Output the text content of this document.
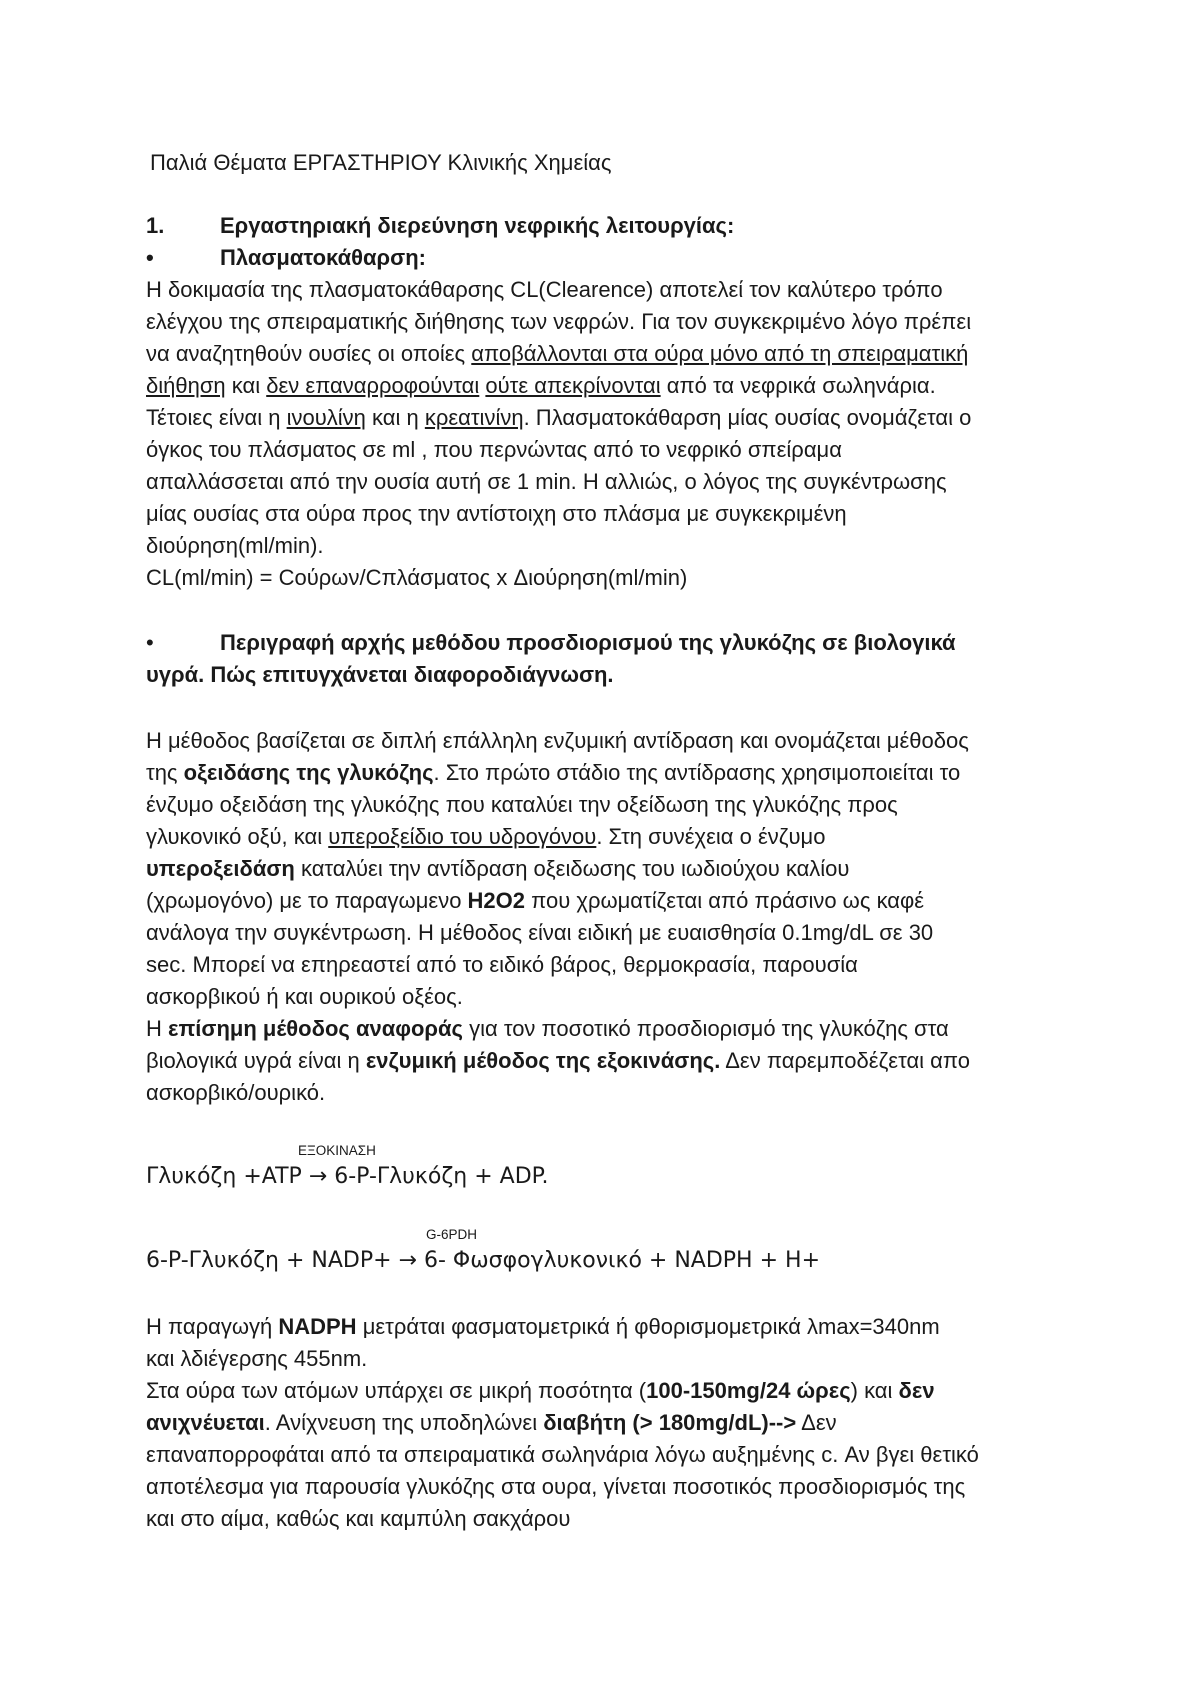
Παλιά Θέματα ΕΡΓΑΣΤΗΡΙΟΥ Κλινικής Χημείας
1.	Εργαστηριακή διερεύνηση νεφρικής λειτουργίας:
•	Πλασματοκάθαρση:
Η δοκιμασία της πλασματοκάθαρσης CL(Clearence) αποτελεί τον καλύτερο τρόπο
ελέγχου της σπειραματικής διήθησης των νεφρών. Για τον συγκεκριμένο λόγο πρέπει
να αναζητηθούν ουσίες οι οποίες αποβάλλονται στα ούρα μόνο από τη σπειραματική
διήθηση και δεν επαναρροφούνται ούτε απεκρίνονται από τα νεφρικά σωληνάρια.
Τέτοιες είναι η ινουλίνη και η κρεατινίνη. Πλασματοκάθαρση μίας ουσίας ονομάζεται ο
όγκος του πλάσματος σε ml , που περνώντας από το νεφρικό σπείραμα
απαλλάσσεται από την ουσία αυτή σε 1 min. Η αλλιώς, ο λόγος της συγκέντρωσης
μίας ουσίας στα ούρα προς την αντίστοιχη στο πλάσμα με συγκεκριμένη
διούρηση(ml/min).
CL(ml/min) = Cούρων/Cπλάσματος x Διούρηση(ml/min)
•	Περιγραφή αρχής μεθόδου προσδιορισμού της γλυκόζης σε βιολογικά
υγρά. Πώς επιτυγχάνεται διαφοροδιάγνωση.
Η μέθοδος βασίζεται σε διπλή επάλληλη ενζυμική αντίδραση και ονομάζεται μέθοδος
της οξειδάσης της γλυκόζης. Στο πρώτο στάδιο της αντίδρασης χρησιμοποιείται το
ένζυμο οξειδάση της γλυκόζης που καταλύει την οξείδωση της γλυκόζης προς
γλυκονικό οξύ, και υπεροξείδιο του υδρογόνου. Στη συνέχεια ο ένζυμο
υπεροξειδάση καταλύει την αντίδραση οξειδωσης του ιωδιούχου καλίου
(χρωμογόνο) με το παραγωμενο H2O2 που χρωματίζεται από πράσινο ως καφέ
ανάλογα την συγκέντρωση. Η μέθοδος είναι ειδική με ευαισθησία 0.1mg/dL σε 30
sec. Μπορεί να επηρεαστεί από το ειδικό βάρος, θερμοκρασία, παρουσία
ασκορβικού ή και ουρικού οξέος.
Η επίσημη μέθοδος αναφοράς για τον ποσοτικό προσδιορισμό της γλυκόζης στα
βιολογικά υγρά είναι η ενζυμική μέθοδος της εξοκινάσης. Δεν παρεμποδέζεται απο
ασκορβικό/ουρικό.
ΕΞΟΚΙΝΑΣΗ
Γλυκόζη +ATP → 6-P-Γλυκόζη + ADP.
G-6PDH
6-P-Γλυκόζη + NADP+ → 6- Φωσφογλυκονικό + NADPH + H+
Η παραγωγή NADPH μετράται φασματομετρικά ή φθορισμομετρικά λmax=340nm
και λδιέγερσης 455nm.
Στα ούρα των ατόμων υπάρχει σε μικρή ποσότητα (100-150mg/24 ώρες) και δεν
ανιχνέυεται. Ανίχνευση της υποδηλώνει διαβήτη (> 180mg/dL)--> Δεν
επαναπορροφάται από τα σπειραματικά σωληνάρια λόγω αυξημένης c. Αν βγει θετικό
αποτέλεσμα για παρουσία γλυκόζης στα ουρα, γίνεται ποσοτικός προσδιορισμός της
και στο αίμα, καθώς και καμπύλη σακχάρου
